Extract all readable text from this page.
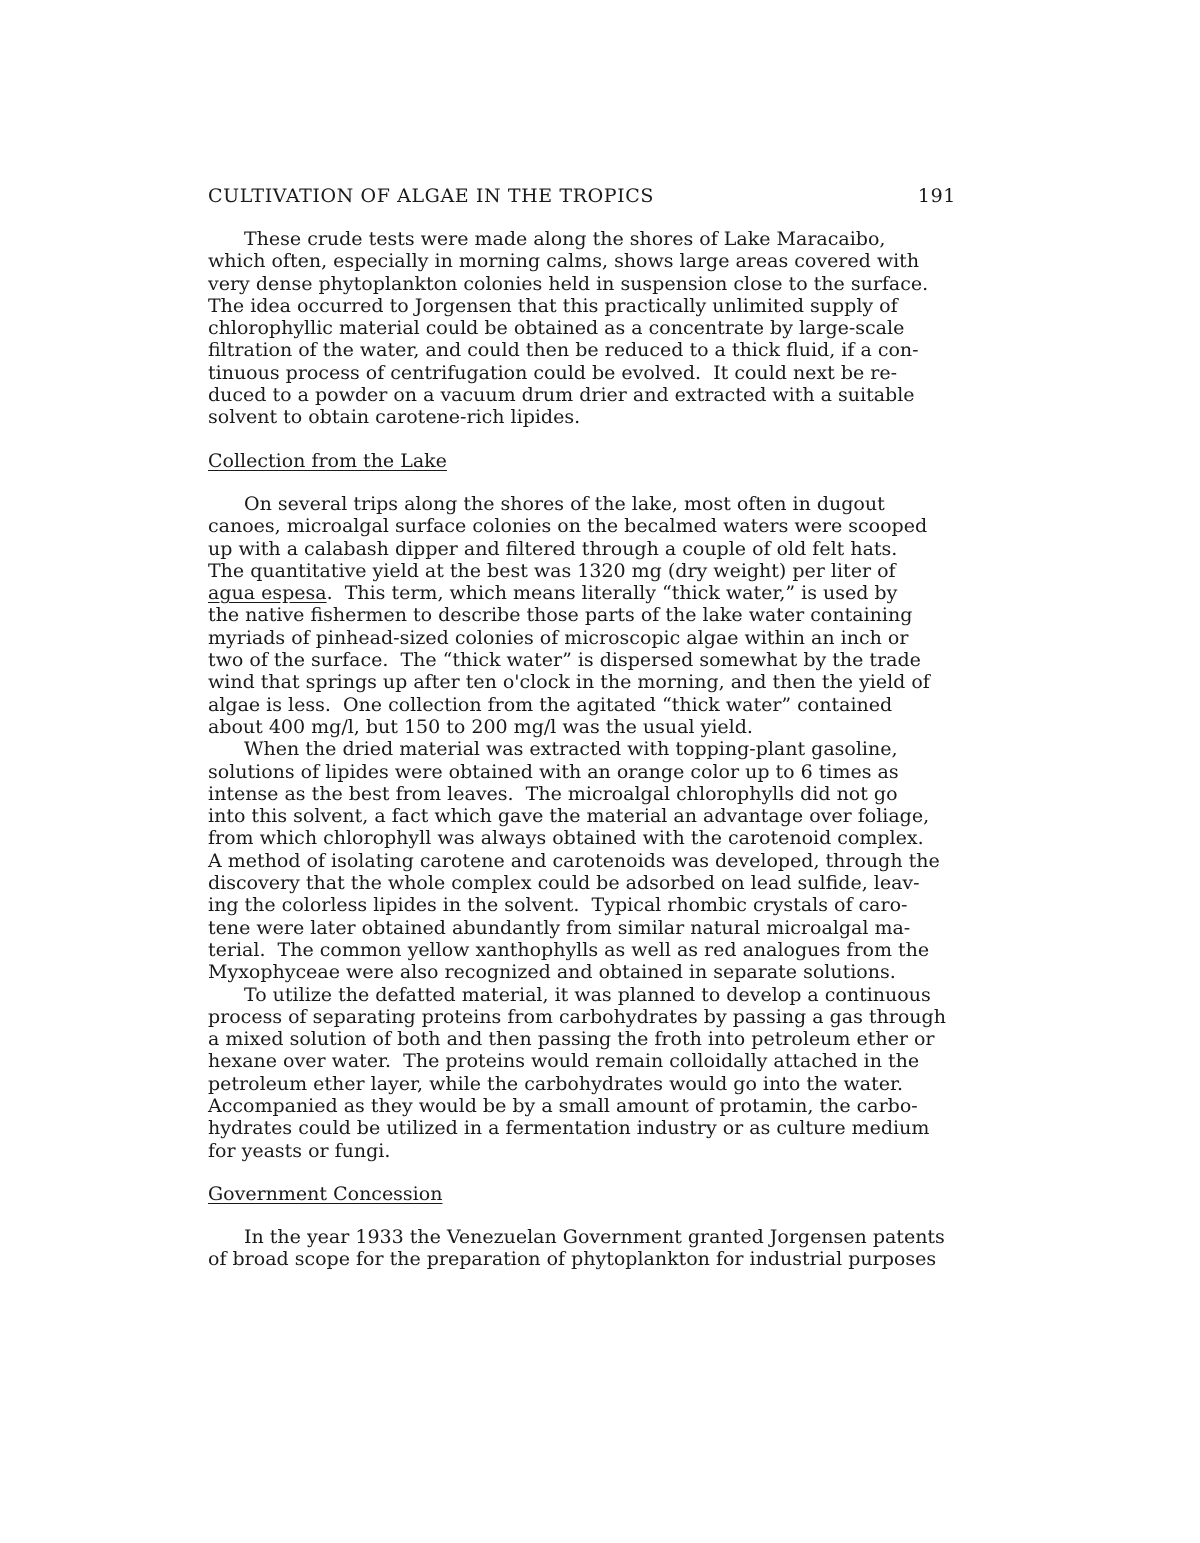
CULTIVATION OF ALGAE IN THE TROPICS	191
These crude tests were made along the shores of Lake Maracaibo,
which often, especially in morning calms, shows large areas covered with
very dense phytoplankton colonies held in suspension close to the surface.
The idea occurred to Jorgensen that this practically unlimited supply of
chlorophyllic material could be obtained as a concentrate by large-scale
filtration of the water, and could then be reduced to a thick fluid, if a con-
tinuous process of centrifugation could be evolved.  It could next be re-
duced to a powder on a vacuum drum drier and extracted with a suitable
solvent to obtain carotene-rich lipides.
Collection from the Lake
On several trips along the shores of the lake, most often in dugout
canoes, microalgal surface colonies on the becalmed waters were scooped
up with a calabash dipper and filtered through a couple of old felt hats.
The quantitative yield at the best was 1320 mg (dry weight) per liter of
agua espesa.  This term, which means literally “thick water,” is used by
the native fishermen to describe those parts of the lake water containing
myriads of pinhead-sized colonies of microscopic algae within an inch or
two of the surface.  The “thick water” is dispersed somewhat by the trade
wind that springs up after ten o'clock in the morning, and then the yield of
algae is less.  One collection from the agitated “thick water” contained
about 400 mg/l, but 150 to 200 mg/l was the usual yield.
When the dried material was extracted with topping-plant gasoline,
solutions of lipides were obtained with an orange color up to 6 times as
intense as the best from leaves.  The microalgal chlorophylls did not go
into this solvent, a fact which gave the material an advantage over foliage,
from which chlorophyll was always obtained with the carotenoid complex.
A method of isolating carotene and carotenoids was developed, through the
discovery that the whole complex could be adsorbed on lead sulfide, leav-
ing the colorless lipides in the solvent.  Typical rhombic crystals of caro-
tene were later obtained abundantly from similar natural microalgal ma-
terial.  The common yellow xanthophylls as well as red analogues from the
Myxophyceae were also recognized and obtained in separate solutions.
To utilize the defatted material, it was planned to develop a continuous
process of separating proteins from carbohydrates by passing a gas through
a mixed solution of both and then passing the froth into petroleum ether or
hexane over water.  The proteins would remain colloidally attached in the
petroleum ether layer, while the carbohydrates would go into the water.
Accompanied as they would be by a small amount of protamin, the carbo-
hydrates could be utilized in a fermentation industry or as culture medium
for yeasts or fungi.
Government Concession
In the year 1933 the Venezuelan Government granted Jorgensen patents
of broad scope for the preparation of phytoplankton for industrial purposes
